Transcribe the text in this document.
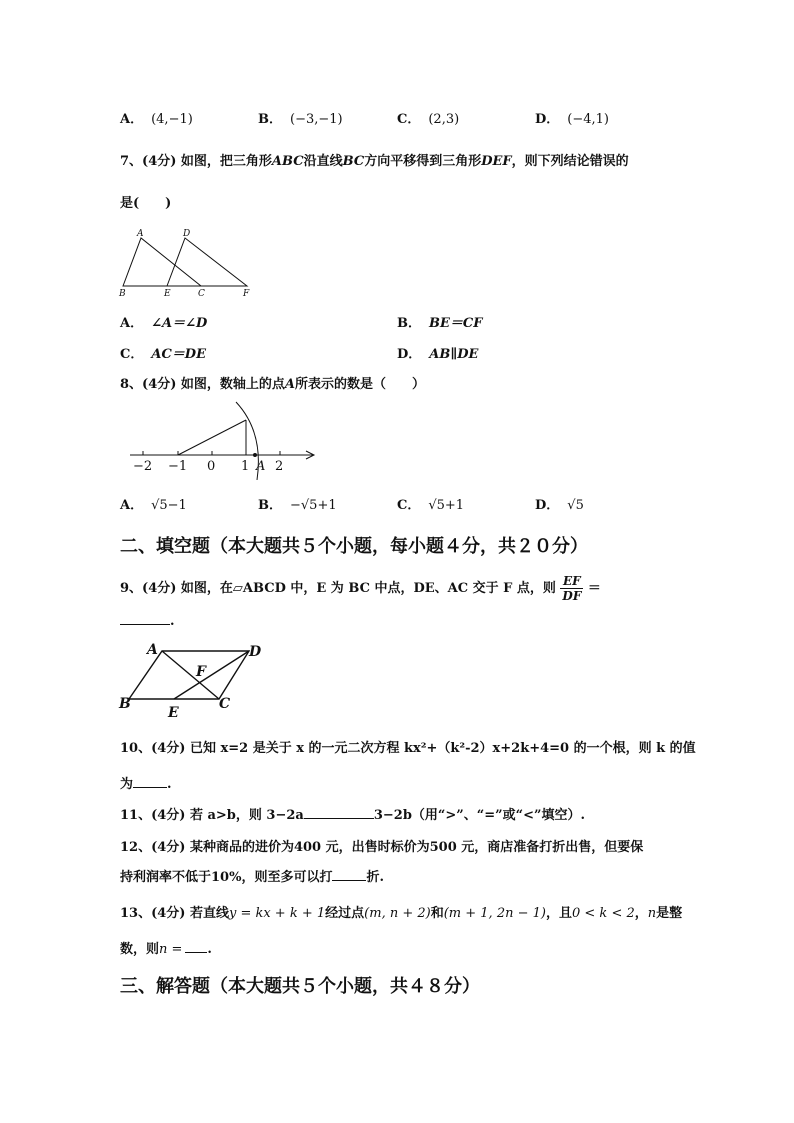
A． (4,−1)	B． (−3,−1)	C． (2,3)	D． (−4,1)
7、(4分) 如图，把三角形ABC沿直线BC方向平移得到三角形DEF，则下列结论错误的
是(　　)
A	D
B	E	C	F
A． ∠A＝∠D	B． BE＝CF
C． AC＝DE	D． AB∥DE
8、(4分) 如图，数轴上的点A所表示的数是（　　）
−2 −1 0 1 2
A
A． √5−1	B． −√5+1	C． √5+1	D． √5
二、填空题（本大题共５个小题，每小题４分，共２０分）
9、(4分) 如图，在▱ABCD 中，E 为 BC 中点，DE、AC 交于 F 点，则 $\frac{EF}{DF}$ ＝
.
A	D
F
B
E
C
10、(4分) 已知 x=2 是关于 x 的一元二次方程 kx²+（k²-2）x+2k+4=0 的一个根，则 k 的值
为	.
11、(4分) 若 a>b，则 3−2a	3−2b（用“>”、“=”或“<”填空）.
12、(4分) 某种商品的进价为400 元，出售时标价为500 元，商店准备打折出售，但要保
持利润率不低于10%，则至多可以打	折.
13、(4分) 若直线y = kx + k + 1经过点(m, n + 2)和(m + 1, 2n − 1)，且0 < k < 2，n是整
数，则n = .
三、解答题（本大题共５个小题，共４８分）
